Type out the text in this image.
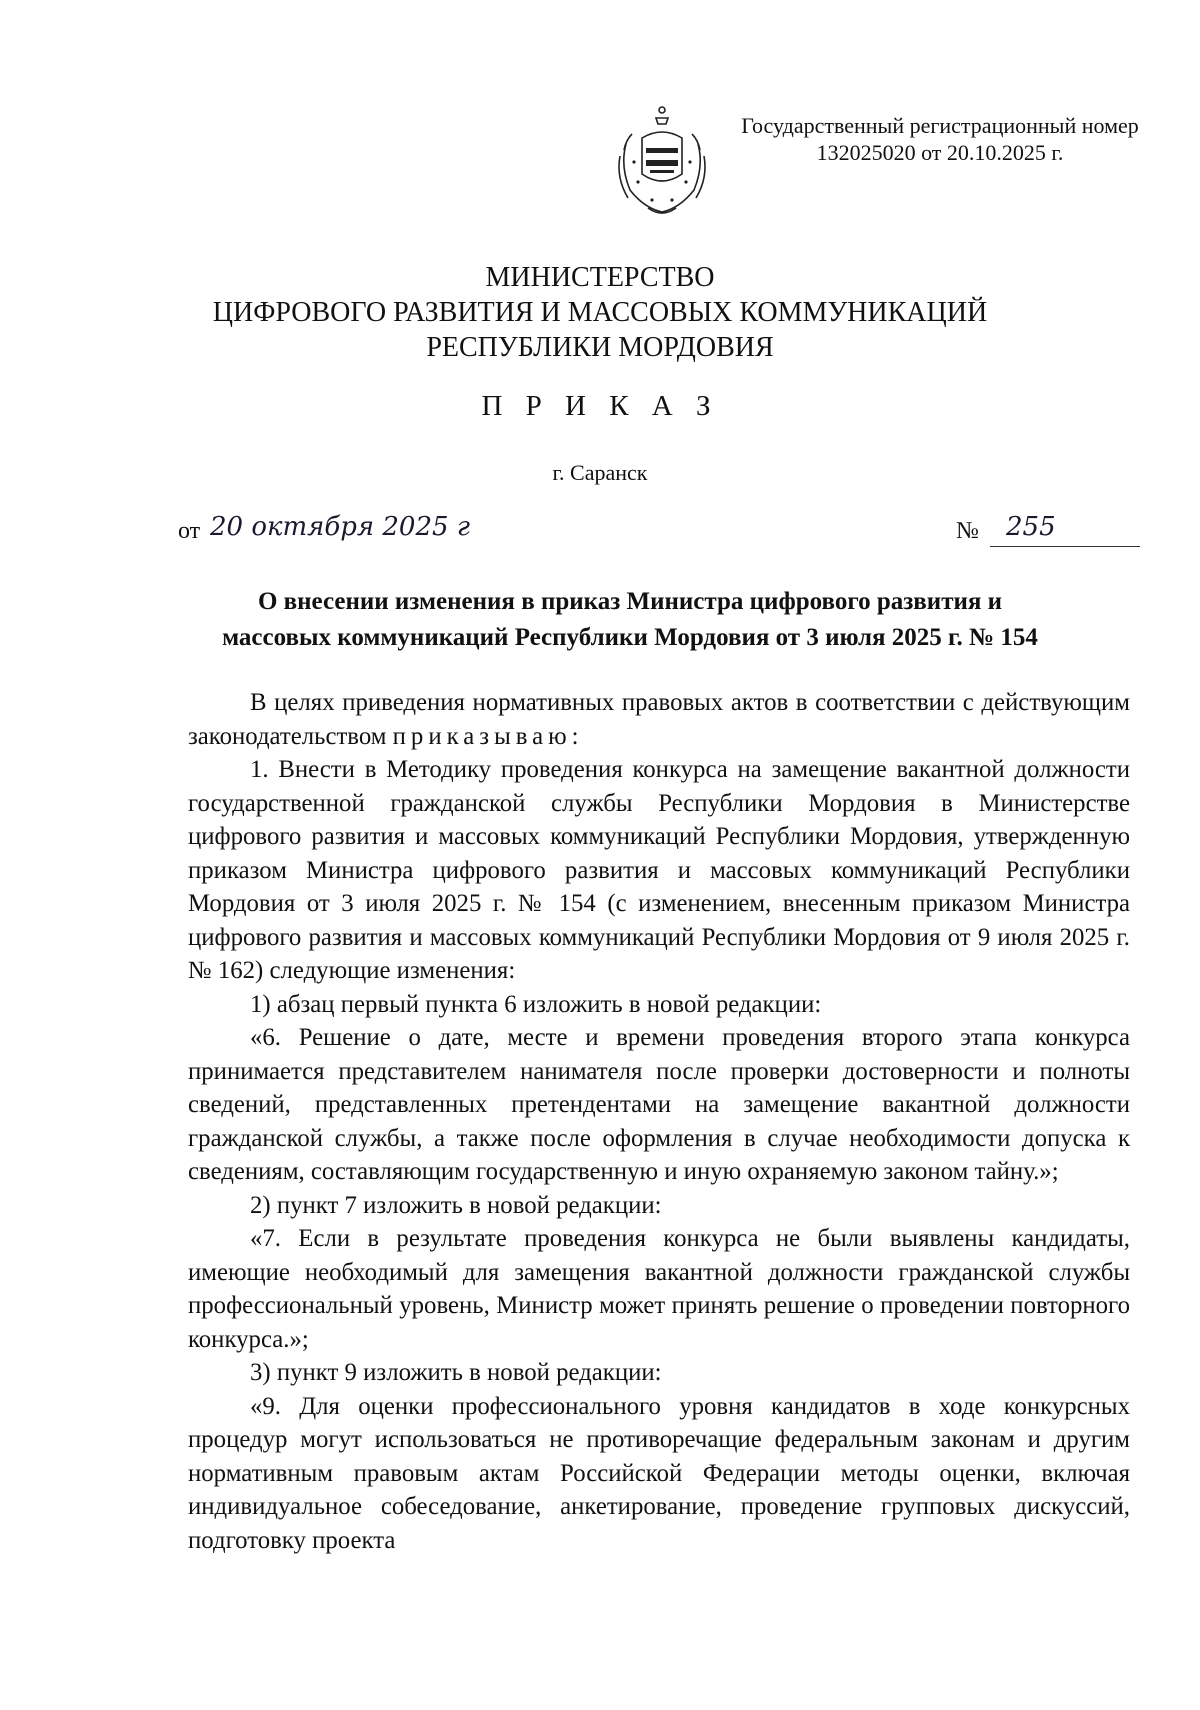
Государственный регистрационный номер
132025020 от 20.10.2025 г.
МИНИСТЕРСТВО
ЦИФРОВОГО РАЗВИТИЯ И МАССОВЫХ КОММУНИКАЦИЙ
РЕСПУБЛИКИ МОРДОВИЯ
П Р И К А З
г. Саранск
от 20 октября 2025 г	№ 255
О внесении изменения в приказ Министра цифрового развития и
массовых коммуникаций Республики Мордовия от 3 июля 2025 г. № 154

В целях приведения нормативных правовых актов в соответствии с действующим законодательством приказываю:

1. Внести в Методику проведения конкурса на замещение вакантной должности государственной гражданской службы Республики Мордовия в Министерстве цифрового развития и массовых коммуникаций Республики Мордовия, утвержденную приказом Министра цифрового развития и массовых коммуникаций Республики Мордовия от 3 июля 2025 г. № 154 (с изменением, внесенным приказом Министра цифрового развития и массовых коммуникаций Республики Мордовия от 9 июля 2025 г. № 162) следующие изменения:

1) абзац первый пункта 6 изложить в новой редакции:

«6. Решение о дате, месте и времени проведения второго этапа конкурса принимается представителем нанимателя после проверки достоверности и полноты сведений, представленных претендентами на замещение вакантной должности гражданской службы, а также после оформления в случае необходимости допуска к сведениям, составляющим государственную и иную охраняемую законом тайну.»;

2) пункт 7 изложить в новой редакции:

«7. Если в результате проведения конкурса не были выявлены кандидаты, имеющие необходимый для замещения вакантной должности гражданской службы профессиональный уровень, Министр может принять решение о проведении повторного конкурса.»;

3) пункт 9 изложить в новой редакции:

«9. Для оценки профессионального уровня кандидатов в ходе конкурсных процедур могут использоваться не противоречащие федеральным законам и другим нормативным правовым актам Российской Федерации методы оценки, включая индивидуальное собеседование, анкетирование, проведение групповых дискуссий, подготовку проекта
